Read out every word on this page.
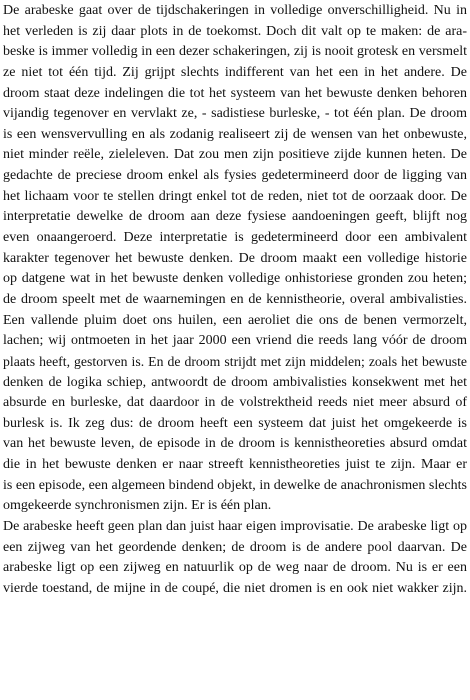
De arabeske gaat over de tijdschakeringen in volledige onverschilligheid. Nu in
het verleden is zij daar plots in de toekomst. Doch dit valt op te maken: de ara-
beske is immer volledig in een dezer schakeringen, zij is nooit grotesk en versmelt
ze niet tot één tijd. Zij grijpt slechts indifferent van het een in het andere. De
droom staat deze indelingen die tot het systeem van het bewuste denken behoren
vijandig tegenover en vervlakt ze, - sadistiese burleske, - tot één plan. De droom
is een wensvervulling en als zodanig realiseert zij de wensen van het onbewuste,
niet minder reële, zieleleven. Dat zou men zijn positieve zijde kunnen heten. De
gedachte de preciese droom enkel als fysies gedetermineerd door de ligging van
het lichaam voor te stellen dringt enkel tot de reden, niet tot de oorzaak door. De
interpretatie dewelke de droom aan deze fysiese aandoeningen geeft, blijft nog
even onaangeroerd. Deze interpretatie is gedetermineerd door een ambivalent
karakter tegenover het bewuste denken. De droom maakt een volledige historie
op datgene wat in het bewuste denken volledige onhistoriese gronden zou heten;
de droom speelt met de waarnemingen en de kennistheorie, overal ambivalisties.
Een vallende pluim doet ons huilen, een aeroliet die ons de benen vermorzelt,
lachen; wij ontmoeten in het jaar 2000 een vriend die reeds lang vóór de droom
plaats heeft, gestorven is. En de droom strijdt met zijn middelen; zoals het bewuste
denken de logika schiep, antwoordt de droom ambivalisties konsekwent met het
absurde en burleske, dat daardoor in de volstrektheid reeds niet meer absurd of
burlesk is. Ik zeg dus: de droom heeft een systeem dat juist het omgekeerde is
van het bewuste leven, de episode in de droom is kennistheoreties absurd omdat
die in het bewuste denken er naar streeft kennistheoreties juist te zijn. Maar er
is een episode, een algemeen bindend objekt, in dewelke de anachronismen slechts
omgekeerde synchronismen zijn. Er is één plan.
De arabeske heeft geen plan dan juist haar eigen improvisatie. De arabeske ligt op
een zijweg van het geordende denken; de droom is de andere pool daarvan. De
arabeske ligt op een zijweg en natuurlik op de weg naar de droom. Nu is er een
vierde toestand, de mijne in de coupé, die niet dromen is en ook niet wakker zijn.
